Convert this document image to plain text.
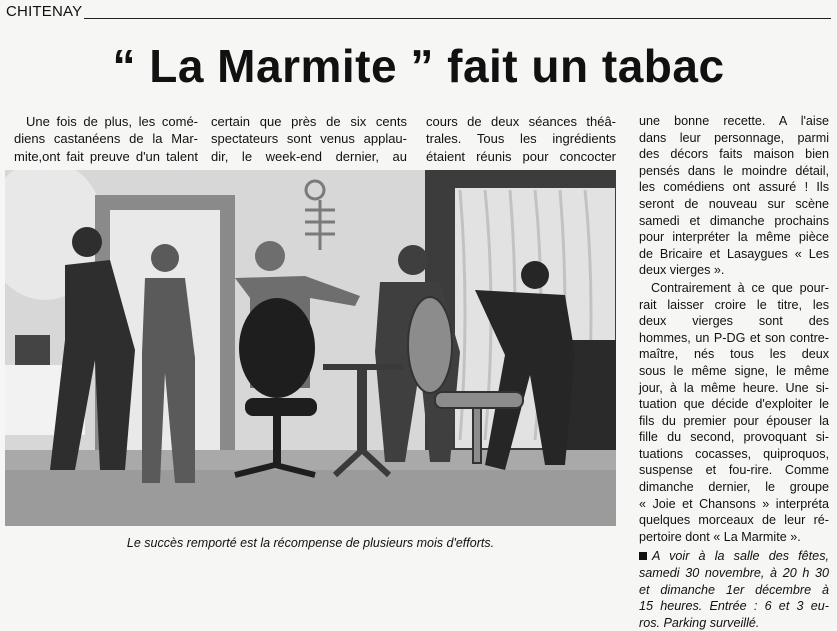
CHITENAY
“ La Marmite ” fait un tabac
Une fois de plus, les comé-
diens castanéens de la Mar-
mite,ont fait preuve d'un talent
certain que près de six cents
spectateurs sont venus applau-
dir, le week-end dernier, au
cours de deux séances théâ-
trales. Tous les ingrédients
étaient réunis pour concocter
une bonne recette. A l'aise
dans leur personnage, parmi
des décors faits maison bien
pensés dans le moindre détail,
les comédiens ont assuré ! Ils
seront de nouveau sur scène
samedi et dimanche prochains
pour interpréter la même pièce
de Bricaire et Lasaygues « Les
deux vierges ».
Contrairement à ce que pour-
rait laisser croire le titre, les
deux vierges sont des
hommes, un P-DG et son contre-
maître, nés tous les deux
sous le même signe, le même
jour, à la même heure. Une si-
tuation que décide d'exploiter le
fils du premier pour épouser la
fille du second, provoquant si-
tuations cocasses, quiproquos,
suspense et fou-rire. Comme
dimanche dernier, le groupe
« Joie et Chansons » interpréta
quelques morceaux de leur ré-
pertoire dont « La Marmite ».
A voir à la salle des fêtes,
samedi 30 novembre, à 20 h 30
et dimanche 1er décembre à
15 heures. Entrée : 6 et 3 eu-
ros. Parking surveillé.
Le succès remporté est la récompense de plusieurs mois d'efforts.
